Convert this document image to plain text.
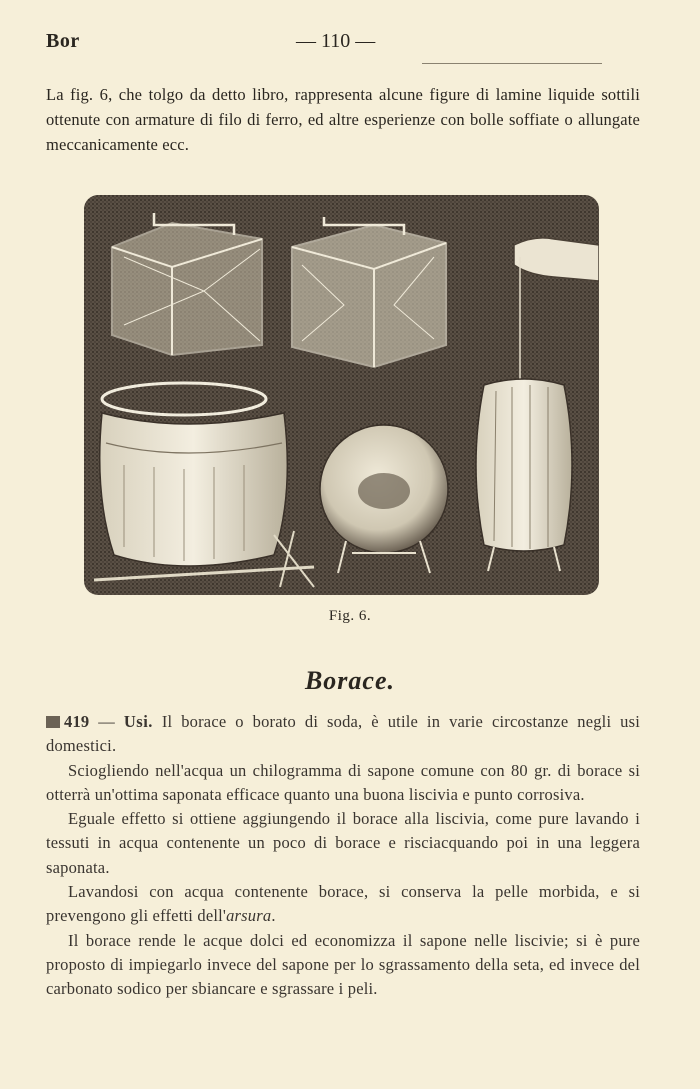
Bor	— 110 —
La fig. 6, che tolgo da detto libro, rappresenta alcune figure di lamine liquide sottili ottenute con armature di filo di ferro, ed altre esperienze con bolle soffiate o allungate meccanicamente ecc.
Fig. 6.
Borace.

419 — Usi. Il borace o borato di soda, è utile in varie circostanze negli usi domestici.

Sciogliendo nell'acqua un chilogramma di sapone comune con 80 gr. di borace si otterrà un'ottima saponata efficace quanto una buona liscivia e punto corrosiva.

Eguale effetto si ottiene aggiungendo il borace alla liscivia, come pure lavando i tessuti in acqua contenente un poco di borace e risciacquando poi in una leggera saponata.

Lavandosi con acqua contenente borace, si conserva la pelle morbida, e si prevengono gli effetti dell'arsura.

Il borace rende le acque dolci ed economizza il sapone nelle liscivie; si è pure proposto di impiegarlo invece del sapone per lo sgrassamento della seta, ed invece del carbonato sodico per sbiancare e sgrassare i peli.
